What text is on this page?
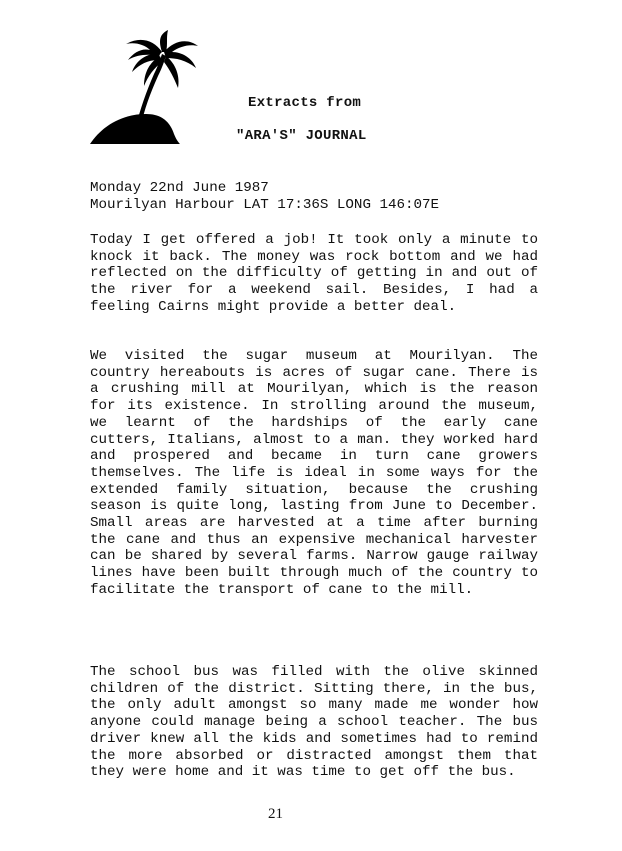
Extracts from
"ARA'S" JOURNAL
Monday 22nd June 1987
Mourilyan Harbour LAT 17:36S LONG 146:07E
Today I get offered a job! It took only a minute to knock it back. The money was rock bottom and we had reflected on the difficulty of getting in and out of the river for a weekend sail. Besides, I had a feeling Cairns might provide a better deal.
We visited the sugar museum at Mourilyan. The country hereabouts is acres of sugar cane. There is a crushing mill at Mourilyan, which is the reason for its existence. In strolling around the museum, we learnt of the hardships of the early cane cutters, Italians, almost to a man. they worked hard and prospered and became in turn cane growers themselves. The life is ideal in some ways for the extended family situation, because the crushing season is quite long, lasting from June to December. Small areas are harvested at a time after burning the cane and thus an expensive mechanical harvester can be shared by several farms. Narrow gauge railway lines have been built through much of the country to facilitate the transport of cane to the mill.
The school bus was filled with the olive skinned children of the district. Sitting there, in the bus, the only adult amongst so many made me wonder how anyone could manage being a school teacher. The bus driver knew all the kids and sometimes had to remind the more absorbed or distracted amongst them that they were home and it was time to get off the bus.
21
